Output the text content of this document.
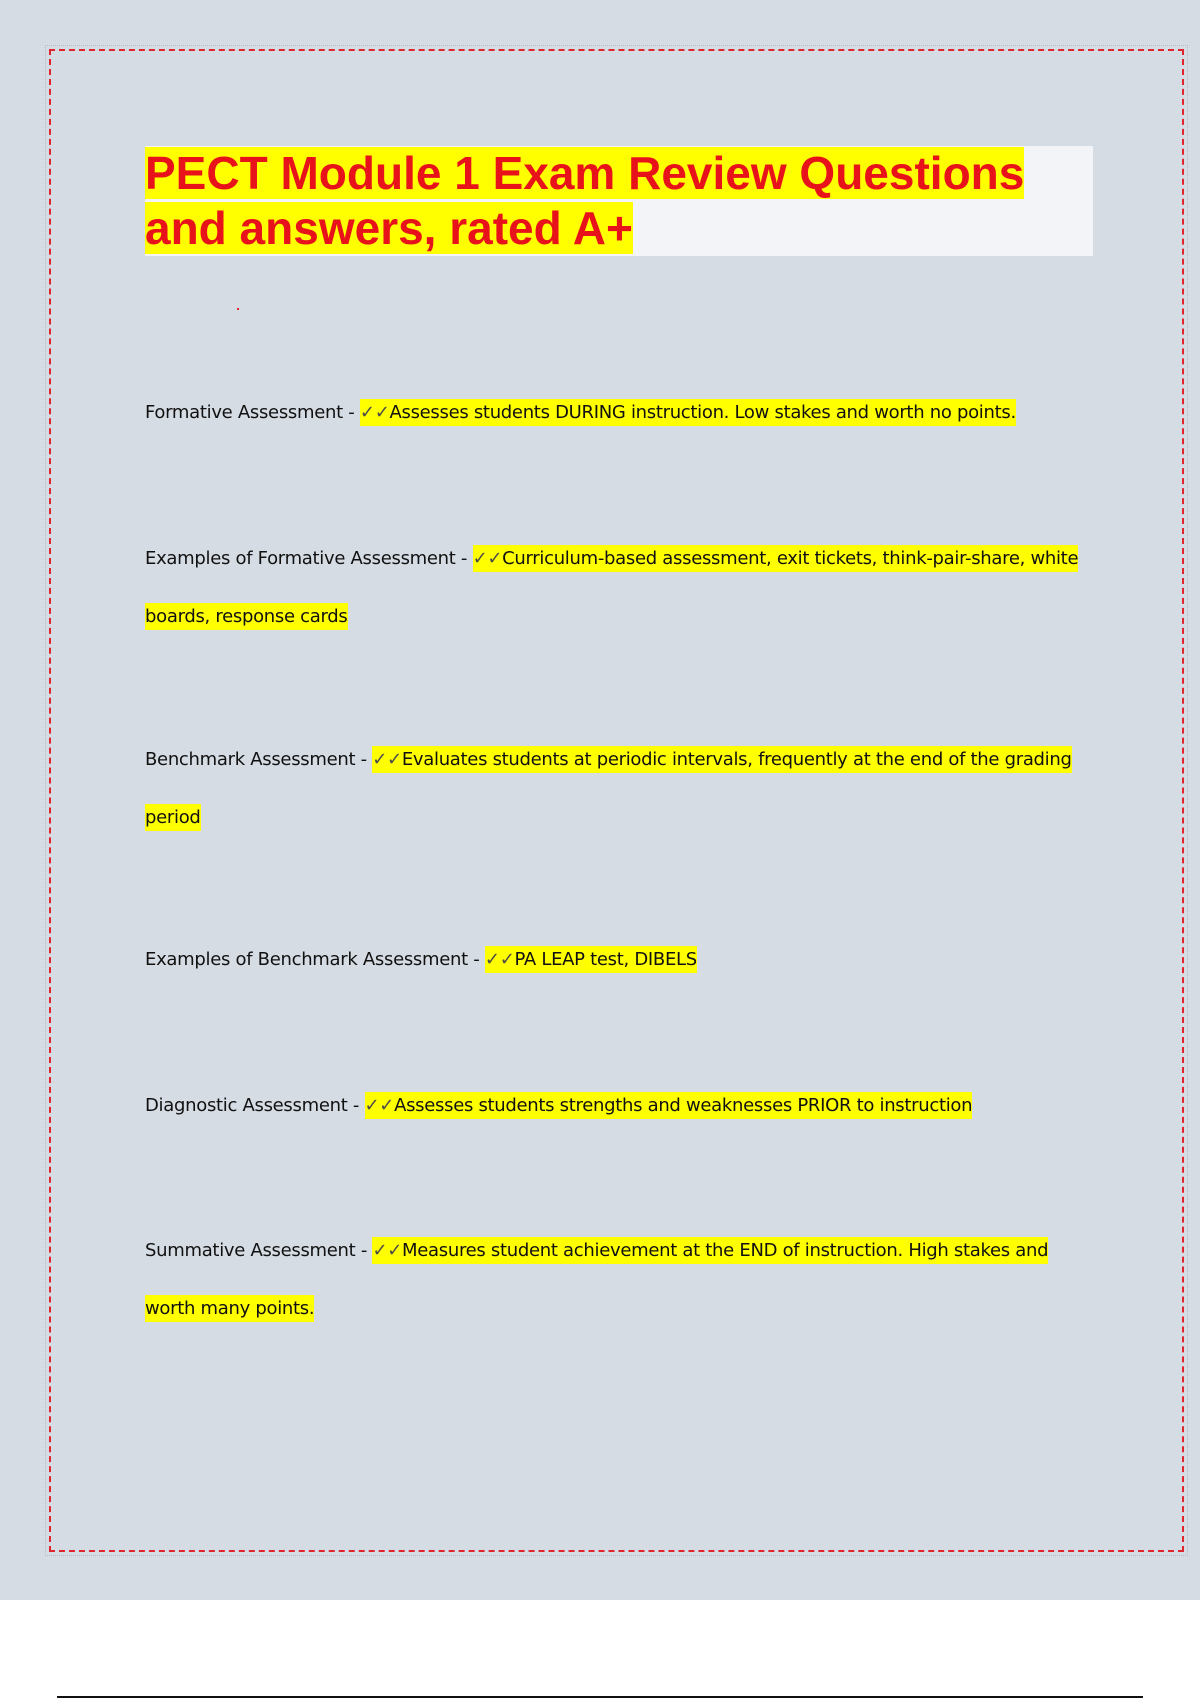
PECT Module 1 Exam Review Questions and answers, rated A+

Formative Assessment - ✓✓Assesses students DURING instruction. Low stakes and worth no points.

Examples of Formative Assessment - ✓✓Curriculum-based assessment, exit tickets, think-pair-share, white boards, response cards

Benchmark Assessment - ✓✓Evaluates students at periodic intervals, frequently at the end of the grading period

Examples of Benchmark Assessment - ✓✓PA LEAP test, DIBELS

Diagnostic Assessment - ✓✓Assesses students strengths and weaknesses PRIOR to instruction

Summative Assessment - ✓✓Measures student achievement at the END of instruction. High stakes and worth many points.
